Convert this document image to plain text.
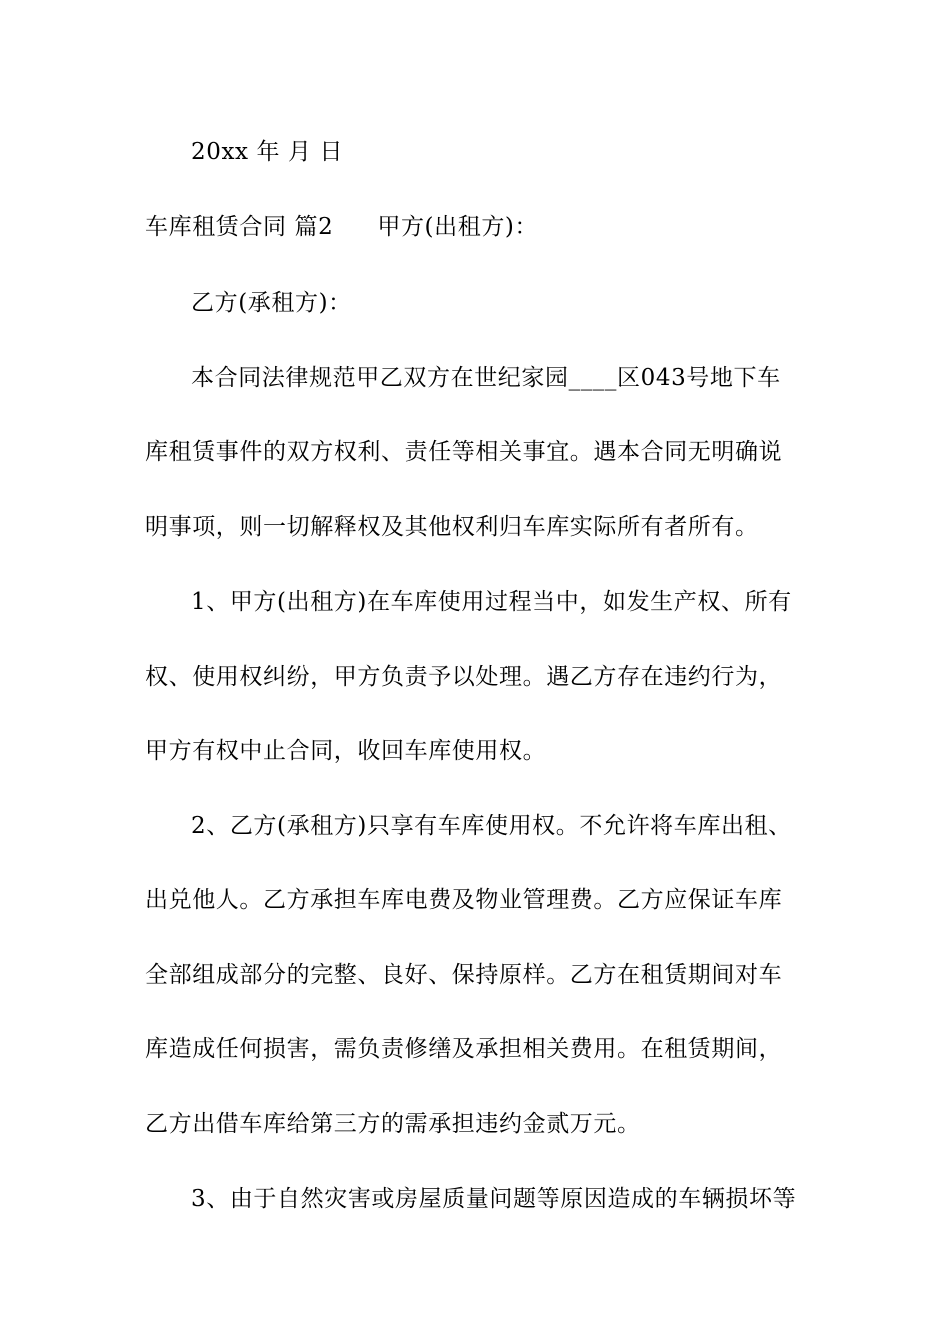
20xx 年 月 日
车库租赁合同 篇2 甲方(出租方)：
乙方(承租方)：
本合同法律规范甲乙双方在世纪家园____区043号地下车
库租赁事件的双方权利、责任等相关事宜。遇本合同无明确说
明事项，则一切解释权及其他权利归车库实际所有者所有。
1、甲方(出租方)在车库使用过程当中，如发生产权、所有
权、使用权纠纷，甲方负责予以处理。遇乙方存在违约行为，
甲方有权中止合同，收回车库使用权。
2、乙方(承租方)只享有车库使用权。不允许将车库出租、
出兑他人。乙方承担车库电费及物业管理费。乙方应保证车库
全部组成部分的完整、良好、保持原样。乙方在租赁期间对车
库造成任何损害，需负责修缮及承担相关费用。在租赁期间，
乙方出借车库给第三方的需承担违约金贰万元。
3、由于自然灾害或房屋质量问题等原因造成的车辆损坏等
